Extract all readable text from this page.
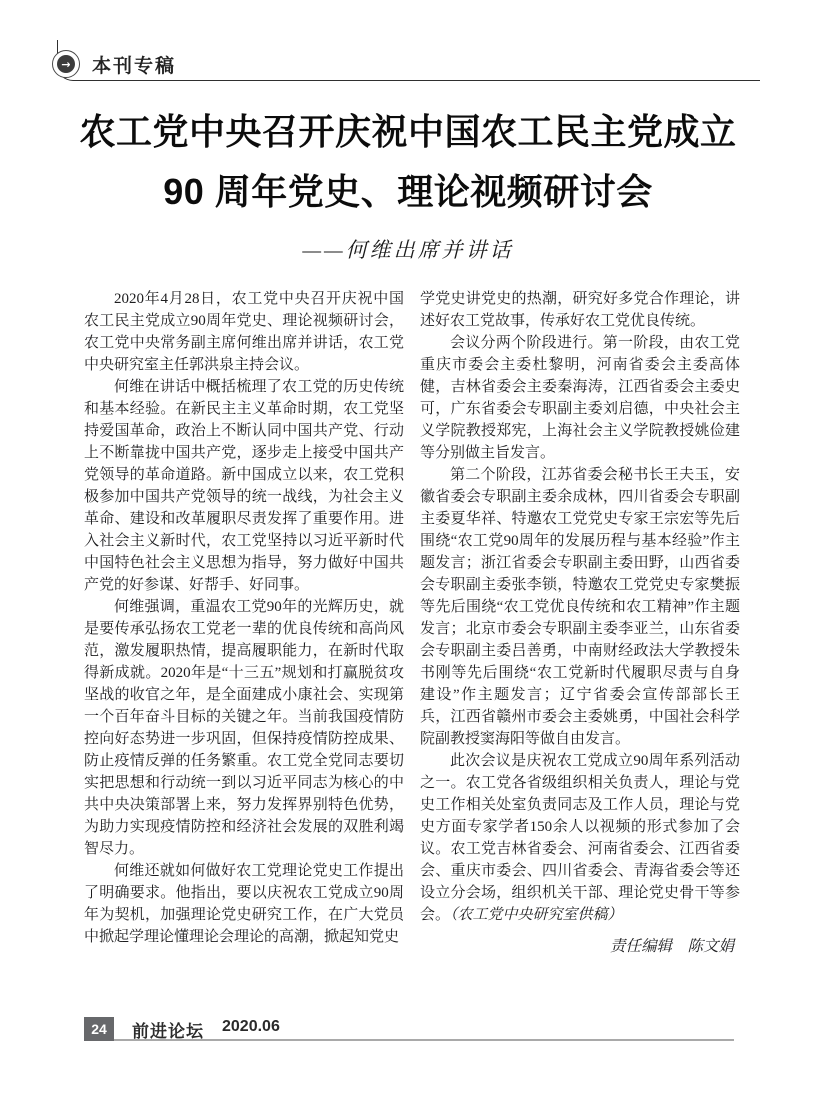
→ 本刊专稿
农工党中央召开庆祝中国农工民主党成立
90 周年党史、理论视频研讨会
——何维出席并讲话

2020年4月28日，农工党中央召开庆祝中国农工民主党成立90周年党史、理论视频研讨会，农工党中央常务副主席何维出席并讲话，农工党中央研究室主任郭洪泉主持会议。

何维在讲话中概括梳理了农工党的历史传统和基本经验。在新民主主义革命时期，农工党坚持爱国革命，政治上不断认同中国共产党、行动上不断靠拢中国共产党，逐步走上接受中国共产党领导的革命道路。新中国成立以来，农工党积极参加中国共产党领导的统一战线，为社会主义革命、建设和改革履职尽责发挥了重要作用。进入社会主义新时代，农工党坚持以习近平新时代中国特色社会主义思想为指导，努力做好中国共产党的好参谋、好帮手、好同事。

何维强调，重温农工党90年的光辉历史，就是要传承弘扬农工党老一辈的优良传统和高尚风范，激发履职热情，提高履职能力，在新时代取得新成就。2020年是“十三五”规划和打赢脱贫攻坚战的收官之年，是全面建成小康社会、实现第一个百年奋斗目标的关键之年。当前我国疫情防控向好态势进一步巩固，但保持疫情防控成果、防止疫情反弹的任务繁重。农工党全党同志要切实把思想和行动统一到以习近平同志为核心的中共中央决策部署上来，努力发挥界别特色优势，为助力实现疫情防控和经济社会发展的双胜利竭智尽力。

何维还就如何做好农工党理论党史工作提出了明确要求。他指出，要以庆祝农工党成立90周年为契机，加强理论党史研究工作，在广大党员中掀起学理论懂理论会理论的高潮，掀起知党史

学党史讲党史的热潮，研究好多党合作理论，讲述好农工党故事，传承好农工党优良传统。

会议分两个阶段进行。第一阶段，由农工党重庆市委会主委杜黎明，河南省委会主委高体健，吉林省委会主委秦海涛，江西省委会主委史可，广东省委会专职副主委刘启德，中央社会主义学院教授郑宪，上海社会主义学院教授姚俭建等分别做主旨发言。

第二个阶段，江苏省委会秘书长王夫玉，安徽省委会专职副主委余成林，四川省委会专职副主委夏华祥、特邀农工党党史专家王宗宏等先后围绕“农工党90周年的发展历程与基本经验”作主题发言；浙江省委会专职副主委田野，山西省委会专职副主委张李锁，特邀农工党党史专家樊振等先后围绕“农工党优良传统和农工精神”作主题发言；北京市委会专职副主委李亚兰，山东省委会专职副主委吕善勇，中南财经政法大学教授朱书刚等先后围绕“农工党新时代履职尽责与自身建设”作主题发言；辽宁省委会宣传部部长王兵，江西省赣州市委会主委姚勇，中国社会科学院副教授窦海阳等做自由发言。

此次会议是庆祝农工党成立90周年系列活动之一。农工党各省级组织相关负责人，理论与党史工作相关处室负责同志及工作人员，理论与党史方面专家学者150余人以视频的形式参加了会议。农工党吉林省委会、河南省委会、江西省委会、重庆市委会、四川省委会、青海省委会等还设立分会场，组织机关干部、理论党史骨干等参会。（农工党中央研究室供稿）

责任编辑　陈文娟
24 前进论坛 2020.06
